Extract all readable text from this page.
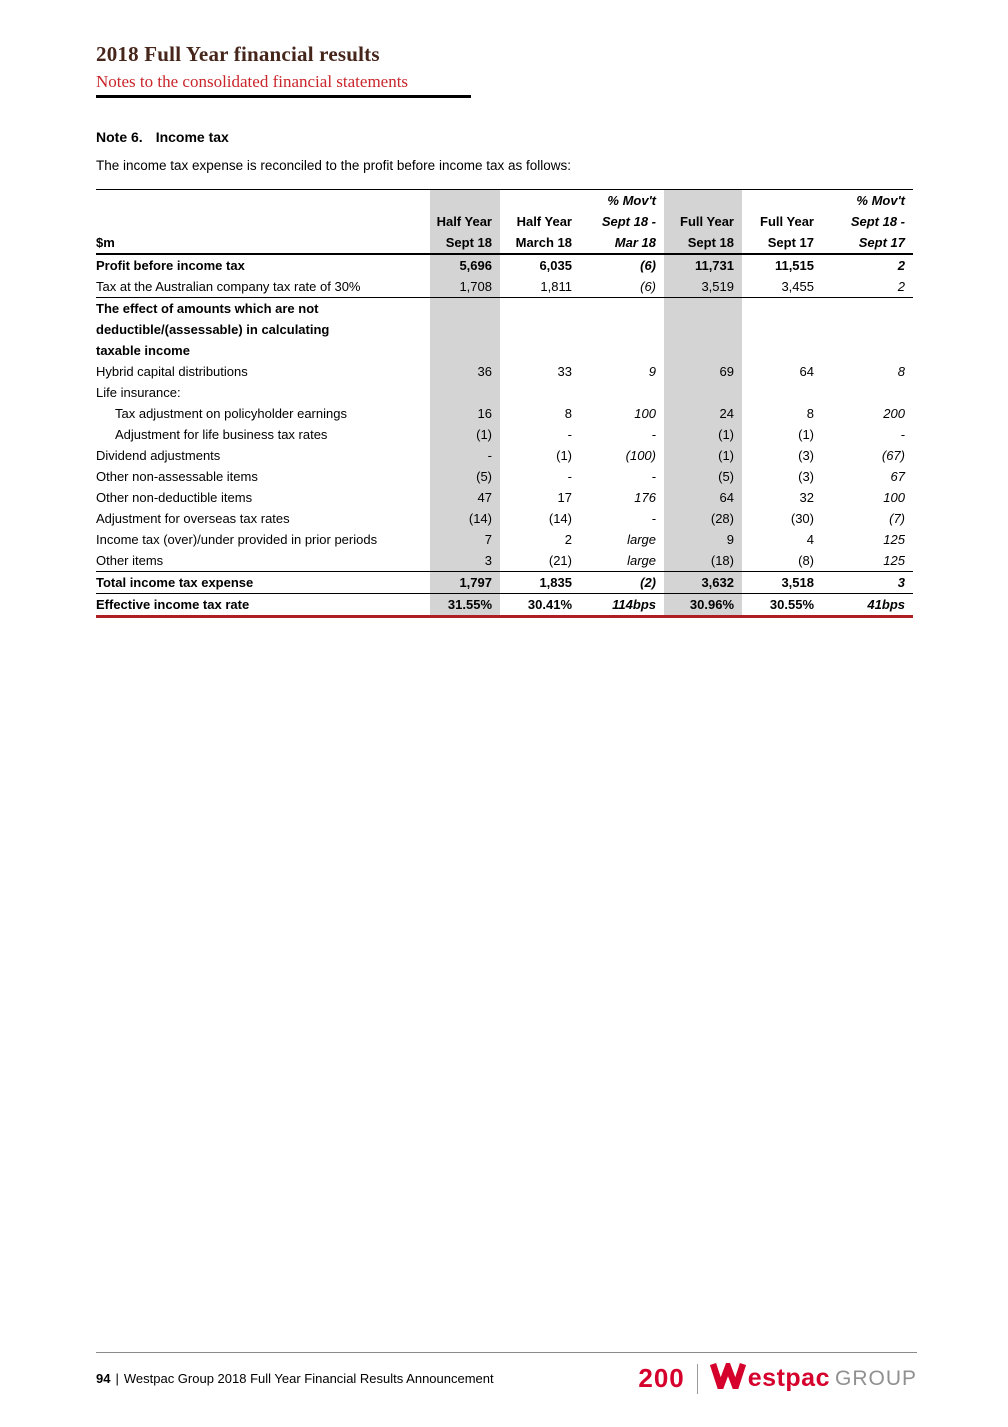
2018 Full Year financial results
Notes to the consolidated financial statements
Note 6. Income tax
The income tax expense is reconciled to the profit before income tax as follows:
			% Mov't			% Mov't
	Half Year	Half Year	Sept 18 -	Full Year	Full Year	Sept 18 -
$m	Sept 18	March 18	Mar 18	Sept 18	Sept 17	Sept 17
Profit before income tax	5,696	6,035	(6)	11,731	11,515	2
Tax at the Australian company tax rate of 30%	1,708	1,811	(6)	3,519	3,455	2
The effect of amounts which are not						
deductible/(assessable) in calculating						
taxable income						
Hybrid capital distributions	36	33	9	69	64	8
Life insurance:						
Tax adjustment on policyholder earnings	16	8	100	24	8	200
Adjustment for life business tax rates	(1)	-	-	(1)	(1)	-
Dividend adjustments	-	(1)	(100)	(1)	(3)	(67)
Other non-assessable items	(5)	-	-	(5)	(3)	67
Other non-deductible items	47	17	176	64	32	100
Adjustment for overseas tax rates	(14)	(14)	-	(28)	(30)	(7)
Income tax (over)/under provided in prior periods	7	2	large	9	4	125
Other items	3	(21)	large	(18)	(8)	125
Total income tax expense	1,797	1,835	(2)	3,632	3,518	3
Effective income tax rate	31.55%	30.41%	114bps	30.96%	30.55%	41bps
94 | Westpac Group 2018 Full Year Financial Results Announcement	200	estpac GROUP
